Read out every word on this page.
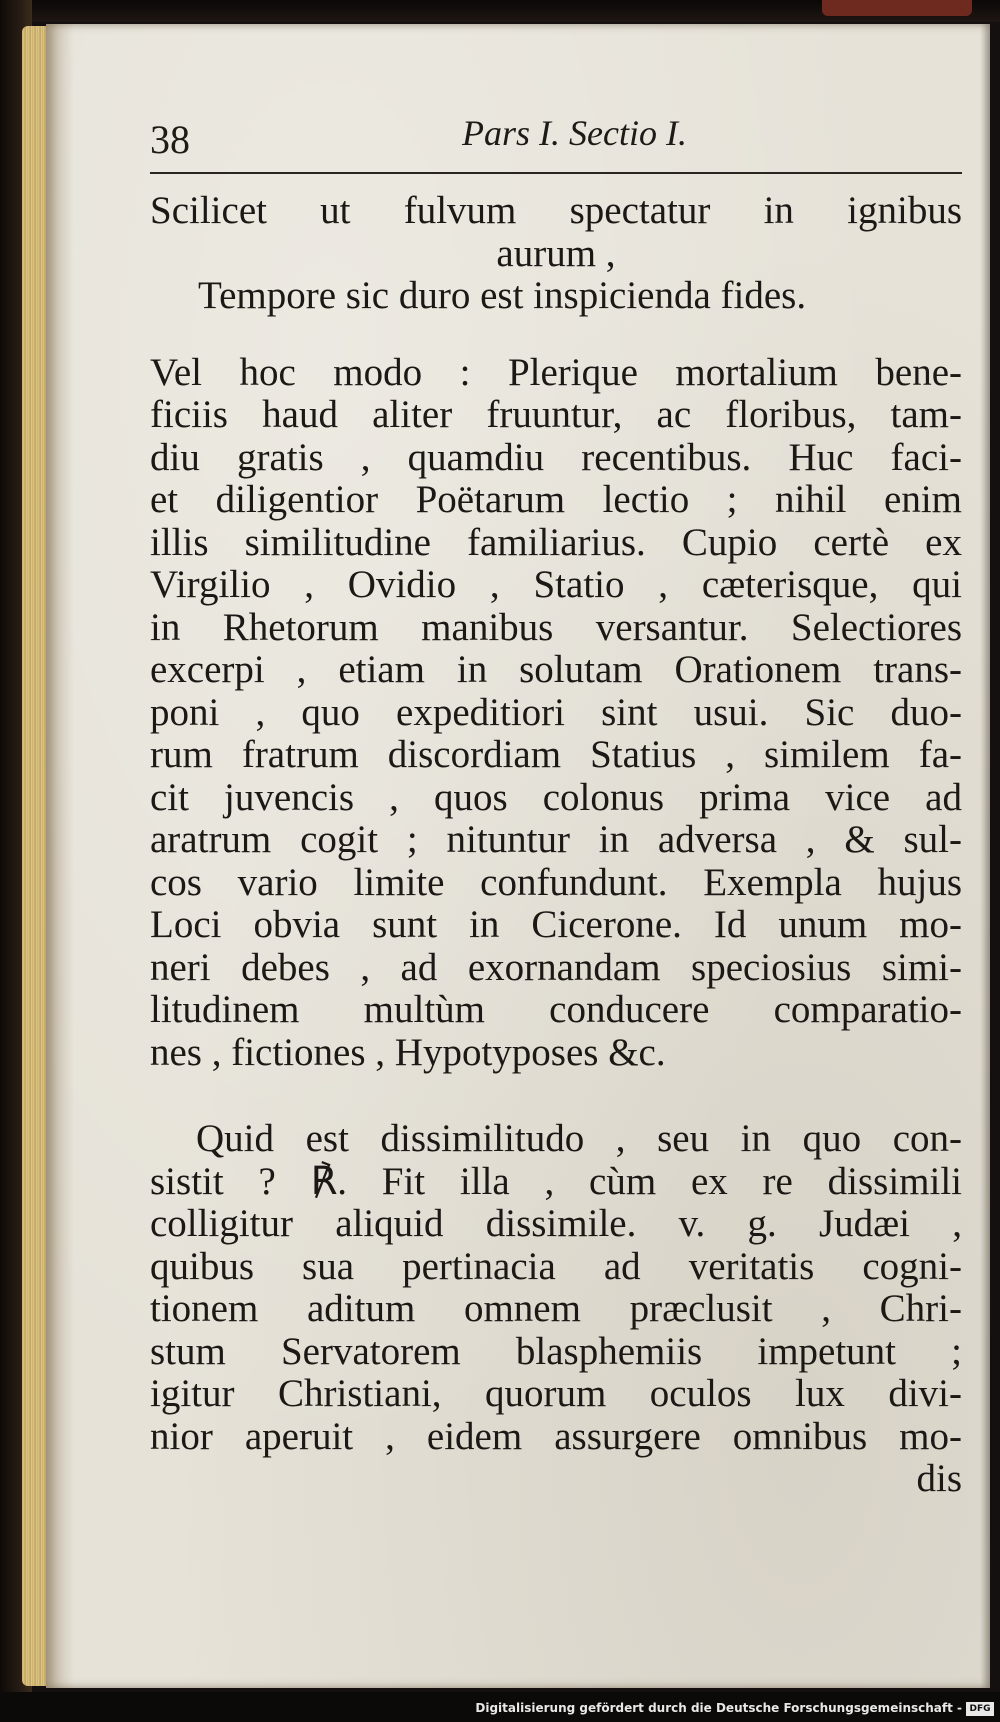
38	Pars I. Sectio I.
Scilicet ut fulvum spectatur in ignibus
aurum ,
Tempore sic duro est inspicienda fides.
Vel hoc modo : Plerique mortalium bene-
ficiis haud aliter fruuntur, ac floribus, tam-
diu gratis , quamdiu recentibus. Huc faci-
et diligentior Poëtarum lectio ; nihil enim
illis similitudine familiarius. Cupio certè ex
Virgilio , Ovidio , Statio , cæterisque, qui
in Rhetorum manibus versantur. Selectiores
excerpi , etiam in solutam Orationem trans-
poni , quo expeditiori sint usui. Sic duo-
rum fratrum discordiam Statius , similem fa-
cit juvencis , quos colonus prima vice ad
aratrum cogit ; nituntur in adversa , & sul-
cos vario limite confundunt. Exempla hujus
Loci obvia sunt in Cicerone. Id unum mo-
neri debes , ad exornandam speciosius simi-
litudinem multùm conducere comparatio-
nes , fictiones , Hypotyposes &c.
Quid est dissimilitudo , seu in quo con-
sistit ? ℟. Fit illa , cùm ex re dissimili
colligitur aliquid dissimile. v. g. Judæi ,
quibus sua pertinacia ad veritatis cogni-
tionem aditum omnem præclusit , Chri-
stum Servatorem blasphemiis impetunt ;
igitur Christiani, quorum oculos lux divi-
nior aperuit , eidem assurgere omnibus mo-
dis
Digitalisierung gefördert durch die Deutsche Forschungsgemeinschaft - DFG
